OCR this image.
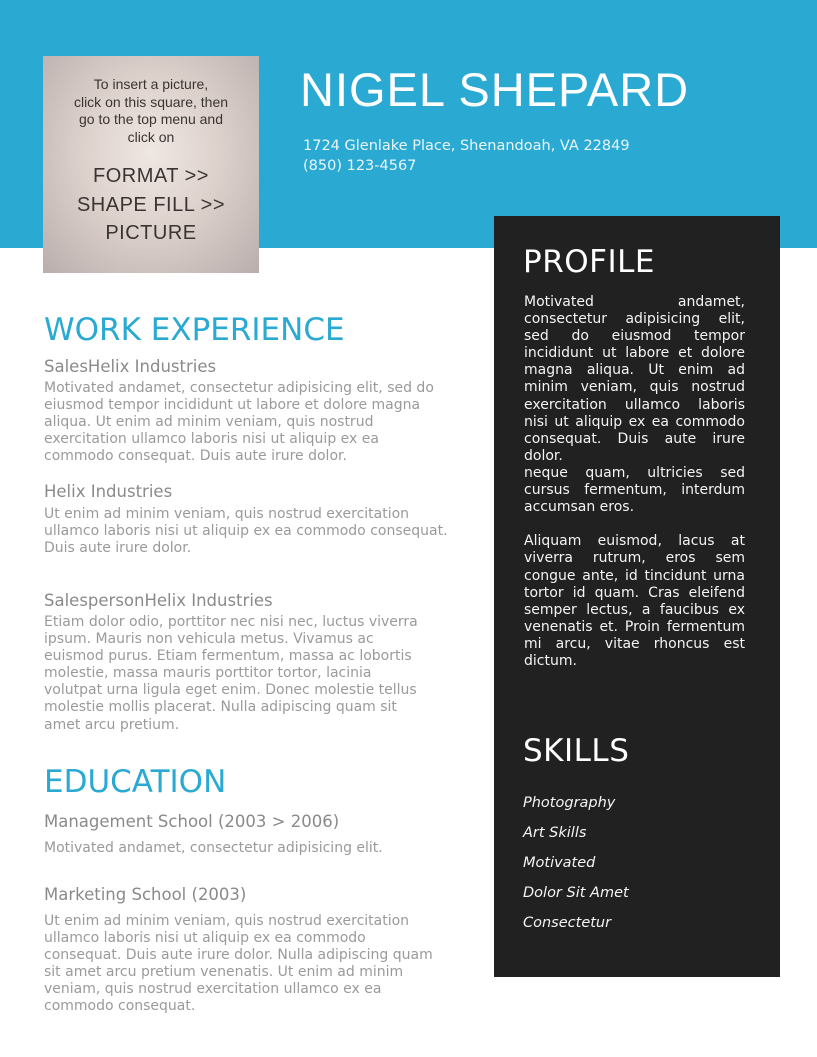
To insert a picture,
click on this square, then
go to the top menu and
click on
FORMAT >>
SHAPE FILL >>
PICTURE
NIGEL SHEPARD
1724 Glenlake Place, Shenandoah, VA 22849
(850) 123-4567
WORK EXPERIENCE
SalesHelix Industries
Motivated andamet, consectetur adipisicing elit, sed do
eiusmod tempor incididunt ut labore et dolore magna
aliqua. Ut enim ad minim veniam, quis nostrud
exercitation ullamco laboris nisi ut aliquip ex ea
commodo consequat. Duis aute irure dolor.
Helix Industries
Ut enim ad minim veniam, quis nostrud exercitation
ullamco laboris nisi ut aliquip ex ea commodo consequat.
Duis aute irure dolor.
SalespersonHelix Industries
Etiam dolor odio, porttitor nec nisi nec, luctus viverra
ipsum. Mauris non vehicula metus. Vivamus ac
euismod purus. Etiam fermentum, massa ac lobortis
molestie, massa mauris porttitor tortor, lacinia
volutpat urna ligula eget enim. Donec molestie tellus
molestie mollis placerat. Nulla adipiscing quam sit
amet arcu pretium.
EDUCATION
Management School (2003 > 2006)
Motivated andamet, consectetur adipisicing elit.
Marketing School (2003)
Ut enim ad minim veniam, quis nostrud exercitation
ullamco laboris nisi ut aliquip ex ea commodo
consequat. Duis aute irure dolor. Nulla adipiscing quam
sit amet arcu pretium venenatis. Ut enim ad minim
veniam, quis nostrud exercitation ullamco ex ea
commodo consequat.
PROFILE

Motivated andamet, consectetur adipisicing elit, sed do eiusmod tempor incididunt ut labore et dolore magna aliqua. Ut enim ad minim veniam, quis nostrud exercitation ullamco laboris nisi ut aliquip ex ea commodo consequat. Duis aute irure dolor.

neque quam, ultricies sed cursus fermentum, interdum accumsan eros.

Aliquam euismod, lacus at viverra rutrum, eros sem congue ante, id tincidunt urna tortor id quam. Cras eleifend semper lectus, a faucibus ex venenatis et. Proin fermentum mi arcu, vitae rhoncus est dictum.

SKILLS
Photography
Art Skills
Motivated
Dolor Sit Amet
Consectetur
